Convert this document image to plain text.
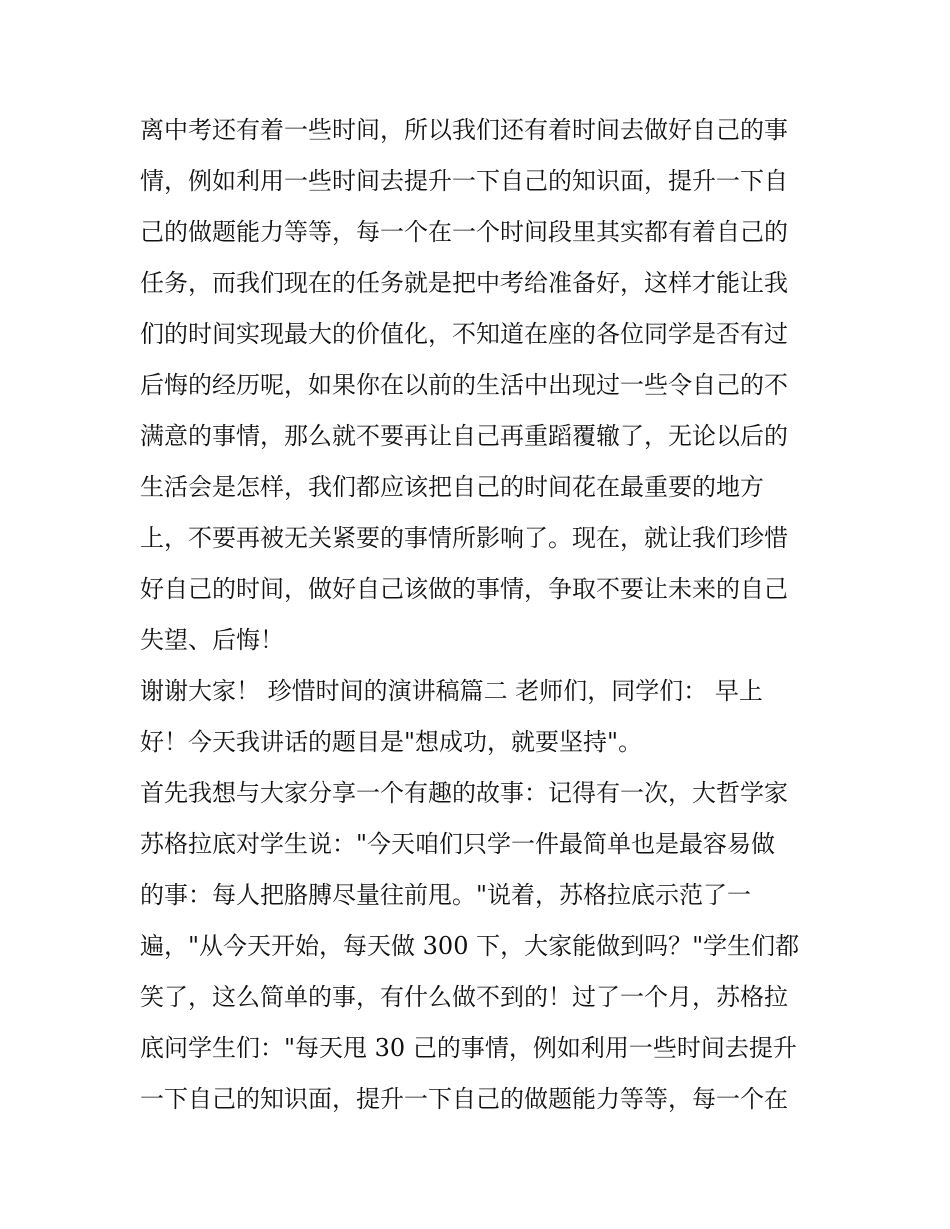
离中考还有着一些时间，所以我们还有着时间去做好自己的事
情，例如利用一些时间去提升一下自己的知识面，提升一下自
己的做题能力等等，每一个在一个时间段里其实都有着自己的
任务，而我们现在的任务就是把中考给准备好，这样才能让我
们的时间实现最大的价值化，不知道在座的各位同学是否有过
后悔的经历呢，如果你在以前的生活中出现过一些令自己的不
满意的事情，那么就不要再让自己再重蹈覆辙了，无论以后的
生活会是怎样，我们都应该把自己的时间花在最重要的地方
上，不要再被无关紧要的事情所影响了。现在，就让我们珍惜
好自己的时间，做好自己该做的事情，争取不要让未来的自己
失望、后悔！
谢谢大家！ 珍惜时间的演讲稿篇二 老师们，同学们： 早上
好！今天我讲话的题目是"想成功，就要坚持"。
首先我想与大家分享一个有趣的故事：记得有一次，大哲学家
苏格拉底对学生说："今天咱们只学一件最简单也是最容易做
的事：每人把胳膊尽量往前甩。"说着，苏格拉底示范了一
遍，"从今天开始，每天做 300 下，大家能做到吗？"学生们都
笑了，这么简单的事，有什么做不到的！过了一个月，苏格拉
底问学生们："每天甩 30 己的事情，例如利用一些时间去提升
一下自己的知识面，提升一下自己的做题能力等等，每一个在
